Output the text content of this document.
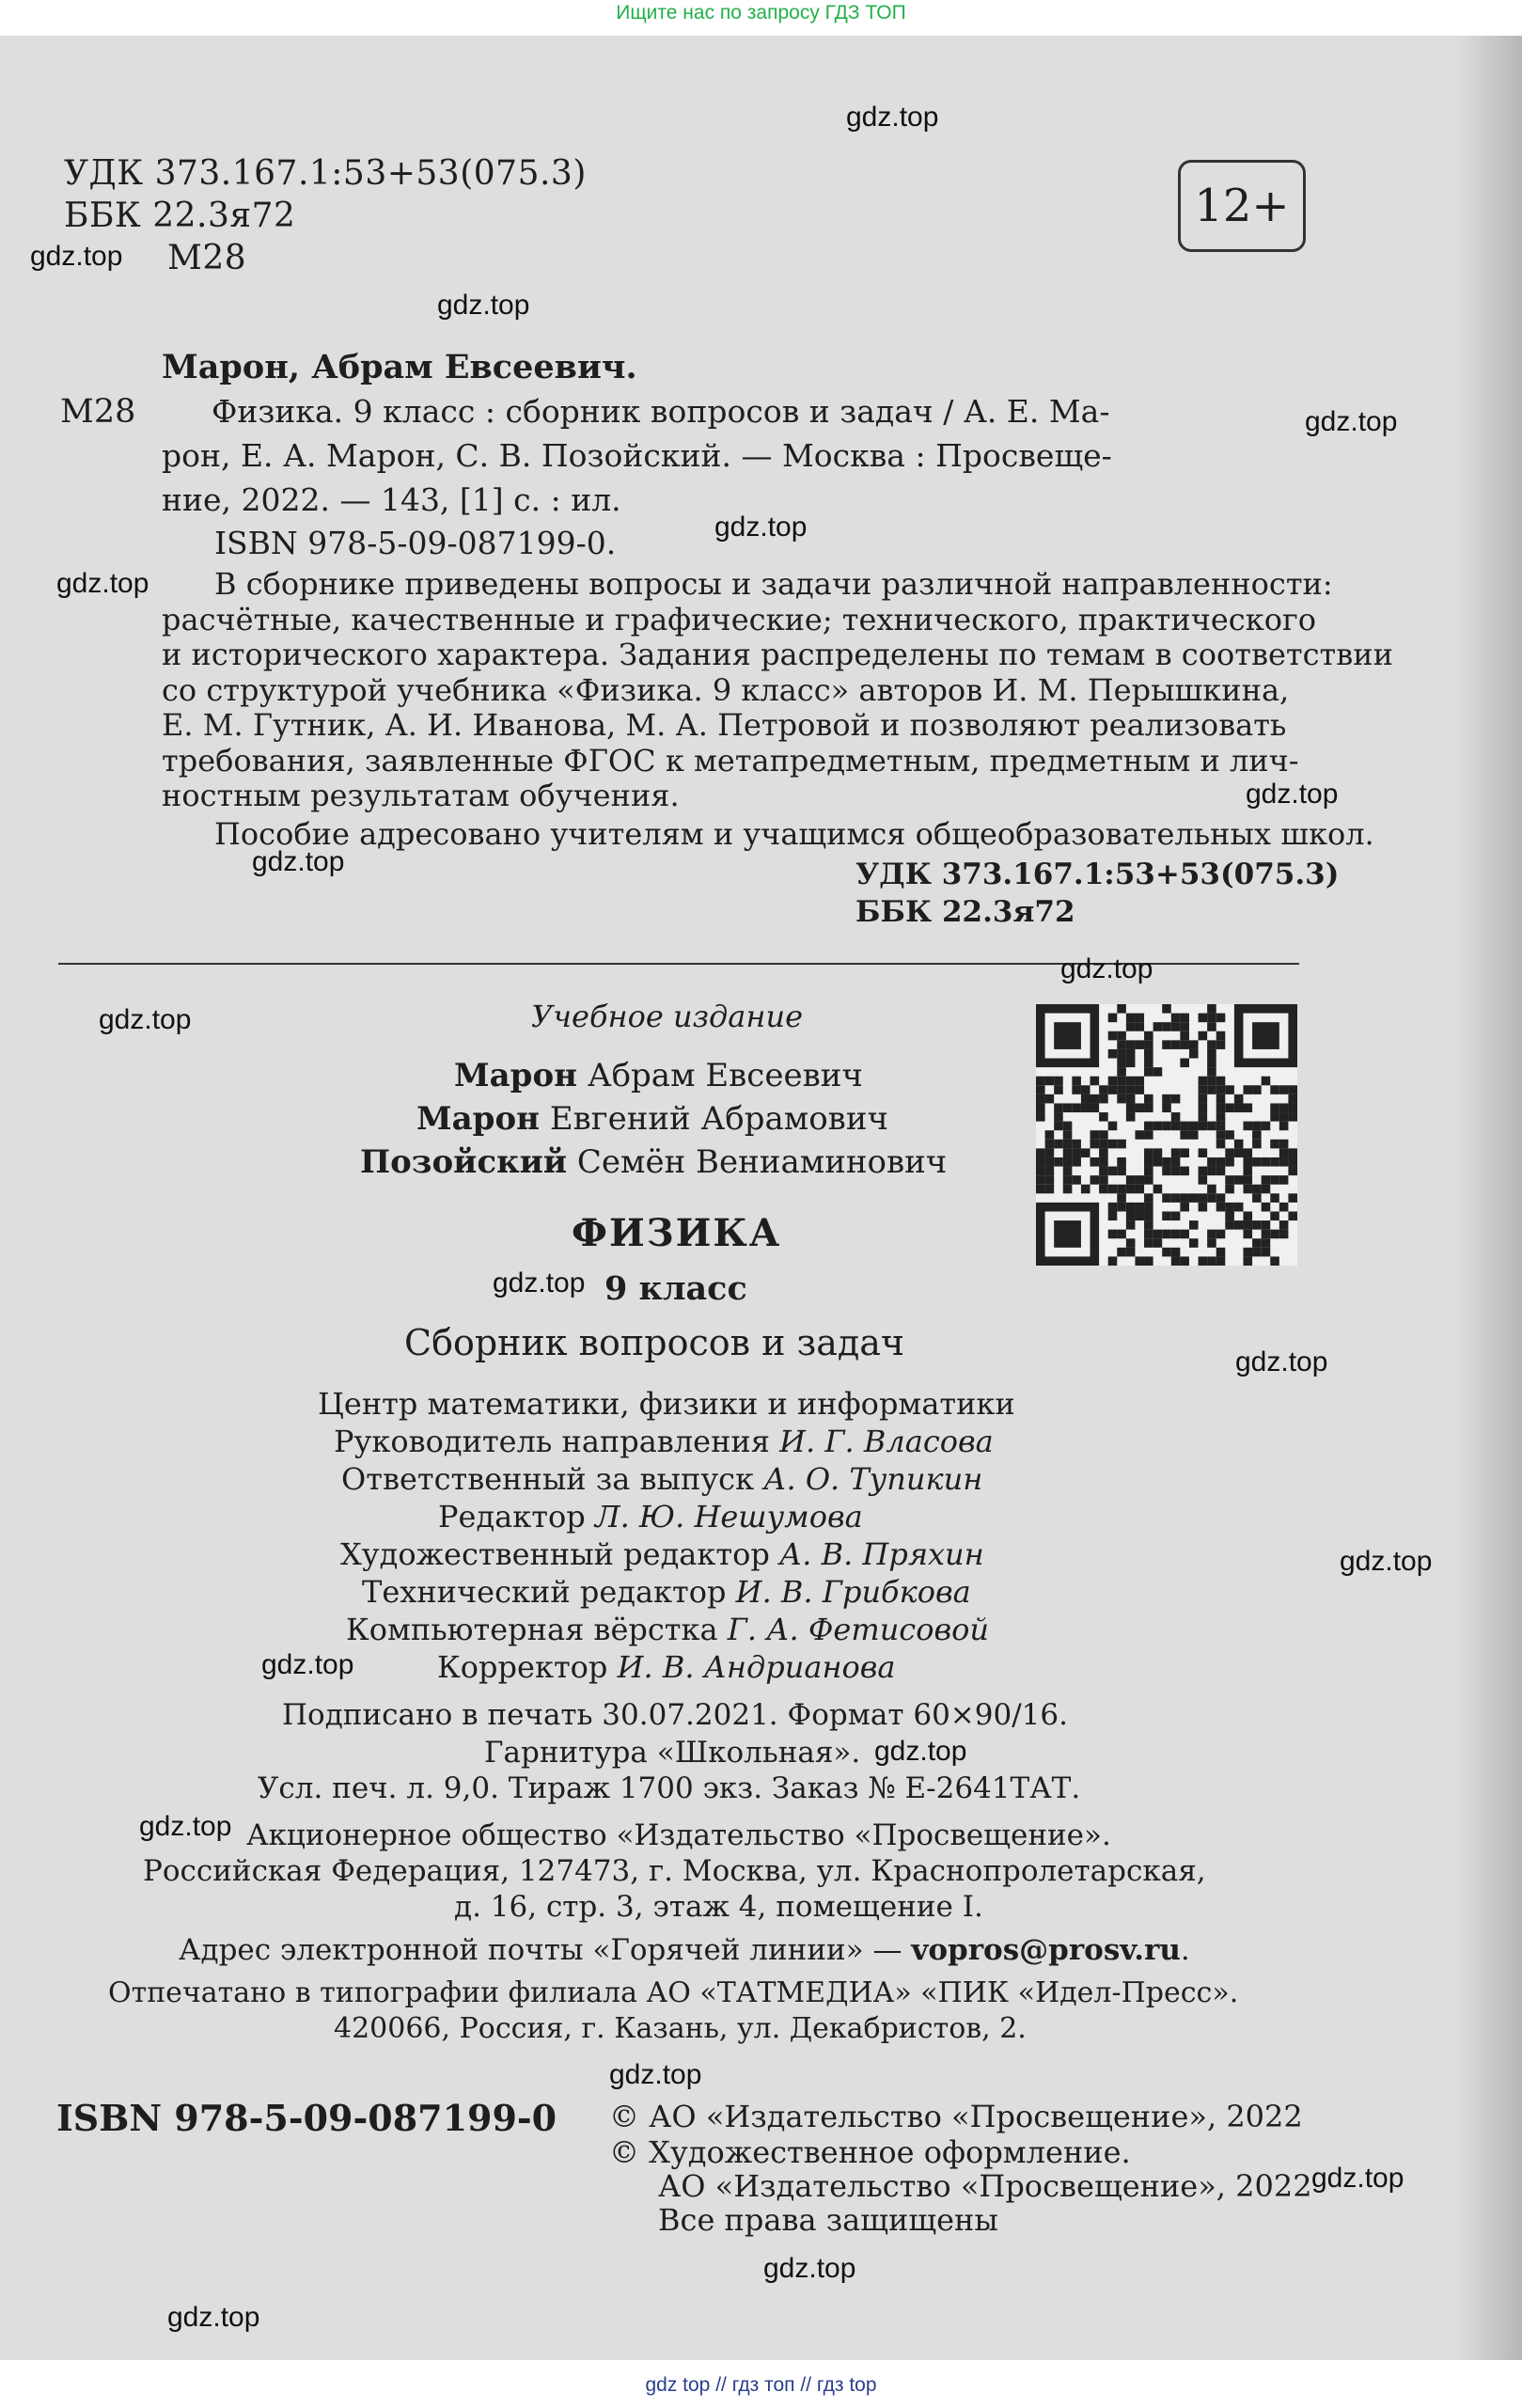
Ищите нас по запросу ГДЗ ТОП
УДК 373.167.1:53+53(075.3)
ББК 22.3я72
М28
12+
Марон, Абрам Евсеевич.
М28 Физика. 9 класс : сборник вопросов и задач / А. Е. Ма-
рон, Е. А. Марон, С. В. Позойский. — Москва : Просвеще-
ние, 2022. — 143, [1] с. : ил.
ISBN 978-5-09-087199-0.
В сборнике приведены вопросы и задачи различной направленности:
расчётные, качественные и графические; технического, практического
и исторического характера. Задания распределены по темам в соответствии
со структурой учебника «Физика. 9 класс» авторов И. М. Перышкина,
Е. М. Гутник, А. И. Иванова, М. А. Петровой и позволяют реализовать
требования, заявленные ФГОС к метапредметным, предметным и лич-
ностным результатам обучения.
Пособие адресовано учителям и учащимся общеобразовательных школ.
УДК 373.167.1:53+53(075.3)
ББК 22.3я72
Учебное издание
Марон Абрам Евсеевич
Марон Евгений Абрамович
Позойский Семён Вениаминович
ФИЗИКА
9 класс
Сборник вопросов и задач
Центр математики, физики и информатики
Руководитель направления И. Г. Власова
Ответственный за выпуск А. О. Тупикин
Редактор Л. Ю. Нешумова
Художественный редактор А. В. Пряхин
Технический редактор И. В. Грибкова
Компьютерная вёрстка Г. А. Фетисовой
Корректор И. В. Андрианова
Подписано в печать 30.07.2021. Формат 60×90/16.
Гарнитура «Школьная».
Усл. печ. л. 9,0. Тираж 1700 экз. Заказ № Е-2641ТАТ.
Акционерное общество «Издательство «Просвещение».
Российская Федерация, 127473, г. Москва, ул. Краснопролетарская,
д. 16, стр. 3, этаж 4, помещение I.
Адрес электронной почты «Горячей линии» — vopros@prosv.ru.
Отпечатано в типографии филиала АО «ТАТМЕДИА» «ПИК «Идел-Пресс».
420066, Россия, г. Казань, ул. Декабристов, 2.
ISBN 978-5-09-087199-0 © АО «Издательство «Просвещение», 2022
© Художественное оформление.
АО «Издательство «Просвещение», 2022
Все права защищены
gdz.top
gdz.top
gdz.top
gdz.top
gdz.top
gdz.top
gdz.top
gdz.top
gdz.top
gdz.top
gdz.top
gdz.top
gdz.top
gdz.top
gdz.top
gdz.top
gdz.top
gdz.top
gdz.top
gdz.top
gdz top // гдз топ // гдз top
